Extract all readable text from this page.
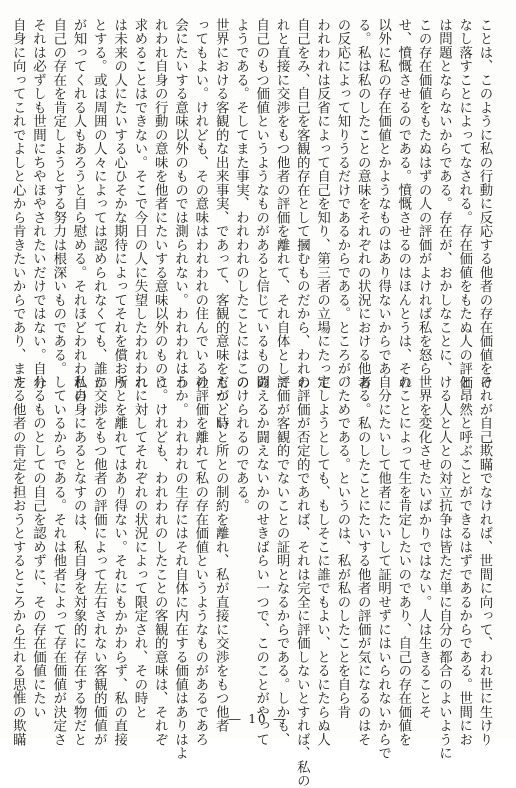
ことは、このように私の行動に反応する他者の存在価値をけ
なし落すことによってなされる。存在価値をもたぬ人の評価
は問題とならないからである。存在が、おかしなことに、
この存在価値をもたぬはずの人の評価がよければ私を怒ら
せ、憤慨させるのである。憤慨させるのはほんとうは、それ
以外に私の存在価値とかようなものはあり得ないからであ
る。私は私のしたことの意味をそれぞれの状況における他者
の反応によって知りうるだけであるからである。ところが、
われわれは反省によって自己を知り、第三者の立場にたって
自己をみ、自己を客観的存在として摑むものだから、われわ
れと直接に交渉をもつ他者の評価を離れて、それ自体として
自己のもつ価値というようなものがあると信じているものの
ようである。そしてまた事実、われわれのしたことにはこの
世界における客観的な出来事実、であって、客観的意味をもつとい
ってもよい。けれども、その意味はわれわれの住んでいる社
会にたいする意味以外のものでは測られない。われわれはわ
れわれ自身の行動の意味を他者にたいする意味以外のものに
求めることはできない。そこで今日の人に失望したわれわれ
は未来の人にたいする心ひそかな期待によってそれを償おう
とする。或は周囲の人々によっては認められなくても、誰か
が知ってくれる人もあろうと自ら慰める。それほどわれわれの
自己の存在を肯定しようとする努力は根深いものである。
それは必ずしも世間にちやほやされたいだけではない。自分
自身に向ってこれでよしと心から肯きたいからであり、また
それが自己欺瞞でなければ、世間に向って、われ世に生けり
と昂然と呼ぶことができるはずであるからである。世間にお
ける人と人との対立抗争は皆ただ単に自分の都合のよいように
世界を変化させたいばかりではない。人は生きることそ
のことによって生を肯定したいのであり、自己の存在価値を
自分にたいして他者にたいして証明せずにはいられないからで
ある。私のしたことにたいする他者の評価が気になるのはそ
のためである。というのは、私が私のしたことを自ら肯
定しようとしても、もしそこに誰でもよい、とるにたらぬ人
の評価が否定的であれば、それは完全に評価しないとすれば、私の
評価が客観的でないことの証明となるからである。しかも、
闘えるか闘えないかのせきばらい一つで、このことがやって
のけられるのである。
だが、時と所との制約を離れ、私が直接に交渉をもつ他者
の評価を離れて私の存在価値というようなものがあるであろ
うか。われわれの生存にはそれ自体に内在する価値はありはよ
う。けれども、われわれのしたことの客観的意味は、それぞ
れに対してそれぞれの状況によって限定され、その時と
所とを離れてはあり得ない。それにもかかわらず、私の直接
に交渉をもつ他者の評価によって左右されない客観的価値が
私自身にあるとなすのは、私自身を対象的に存在する物だと
しているからである。それは他者によって存在価値が決定さ
れるものとしての自己を認めずに、その存在価値にたい
する他者の肯定を担おうとするところから生れる思惟の欺瞞	― 10 ―
